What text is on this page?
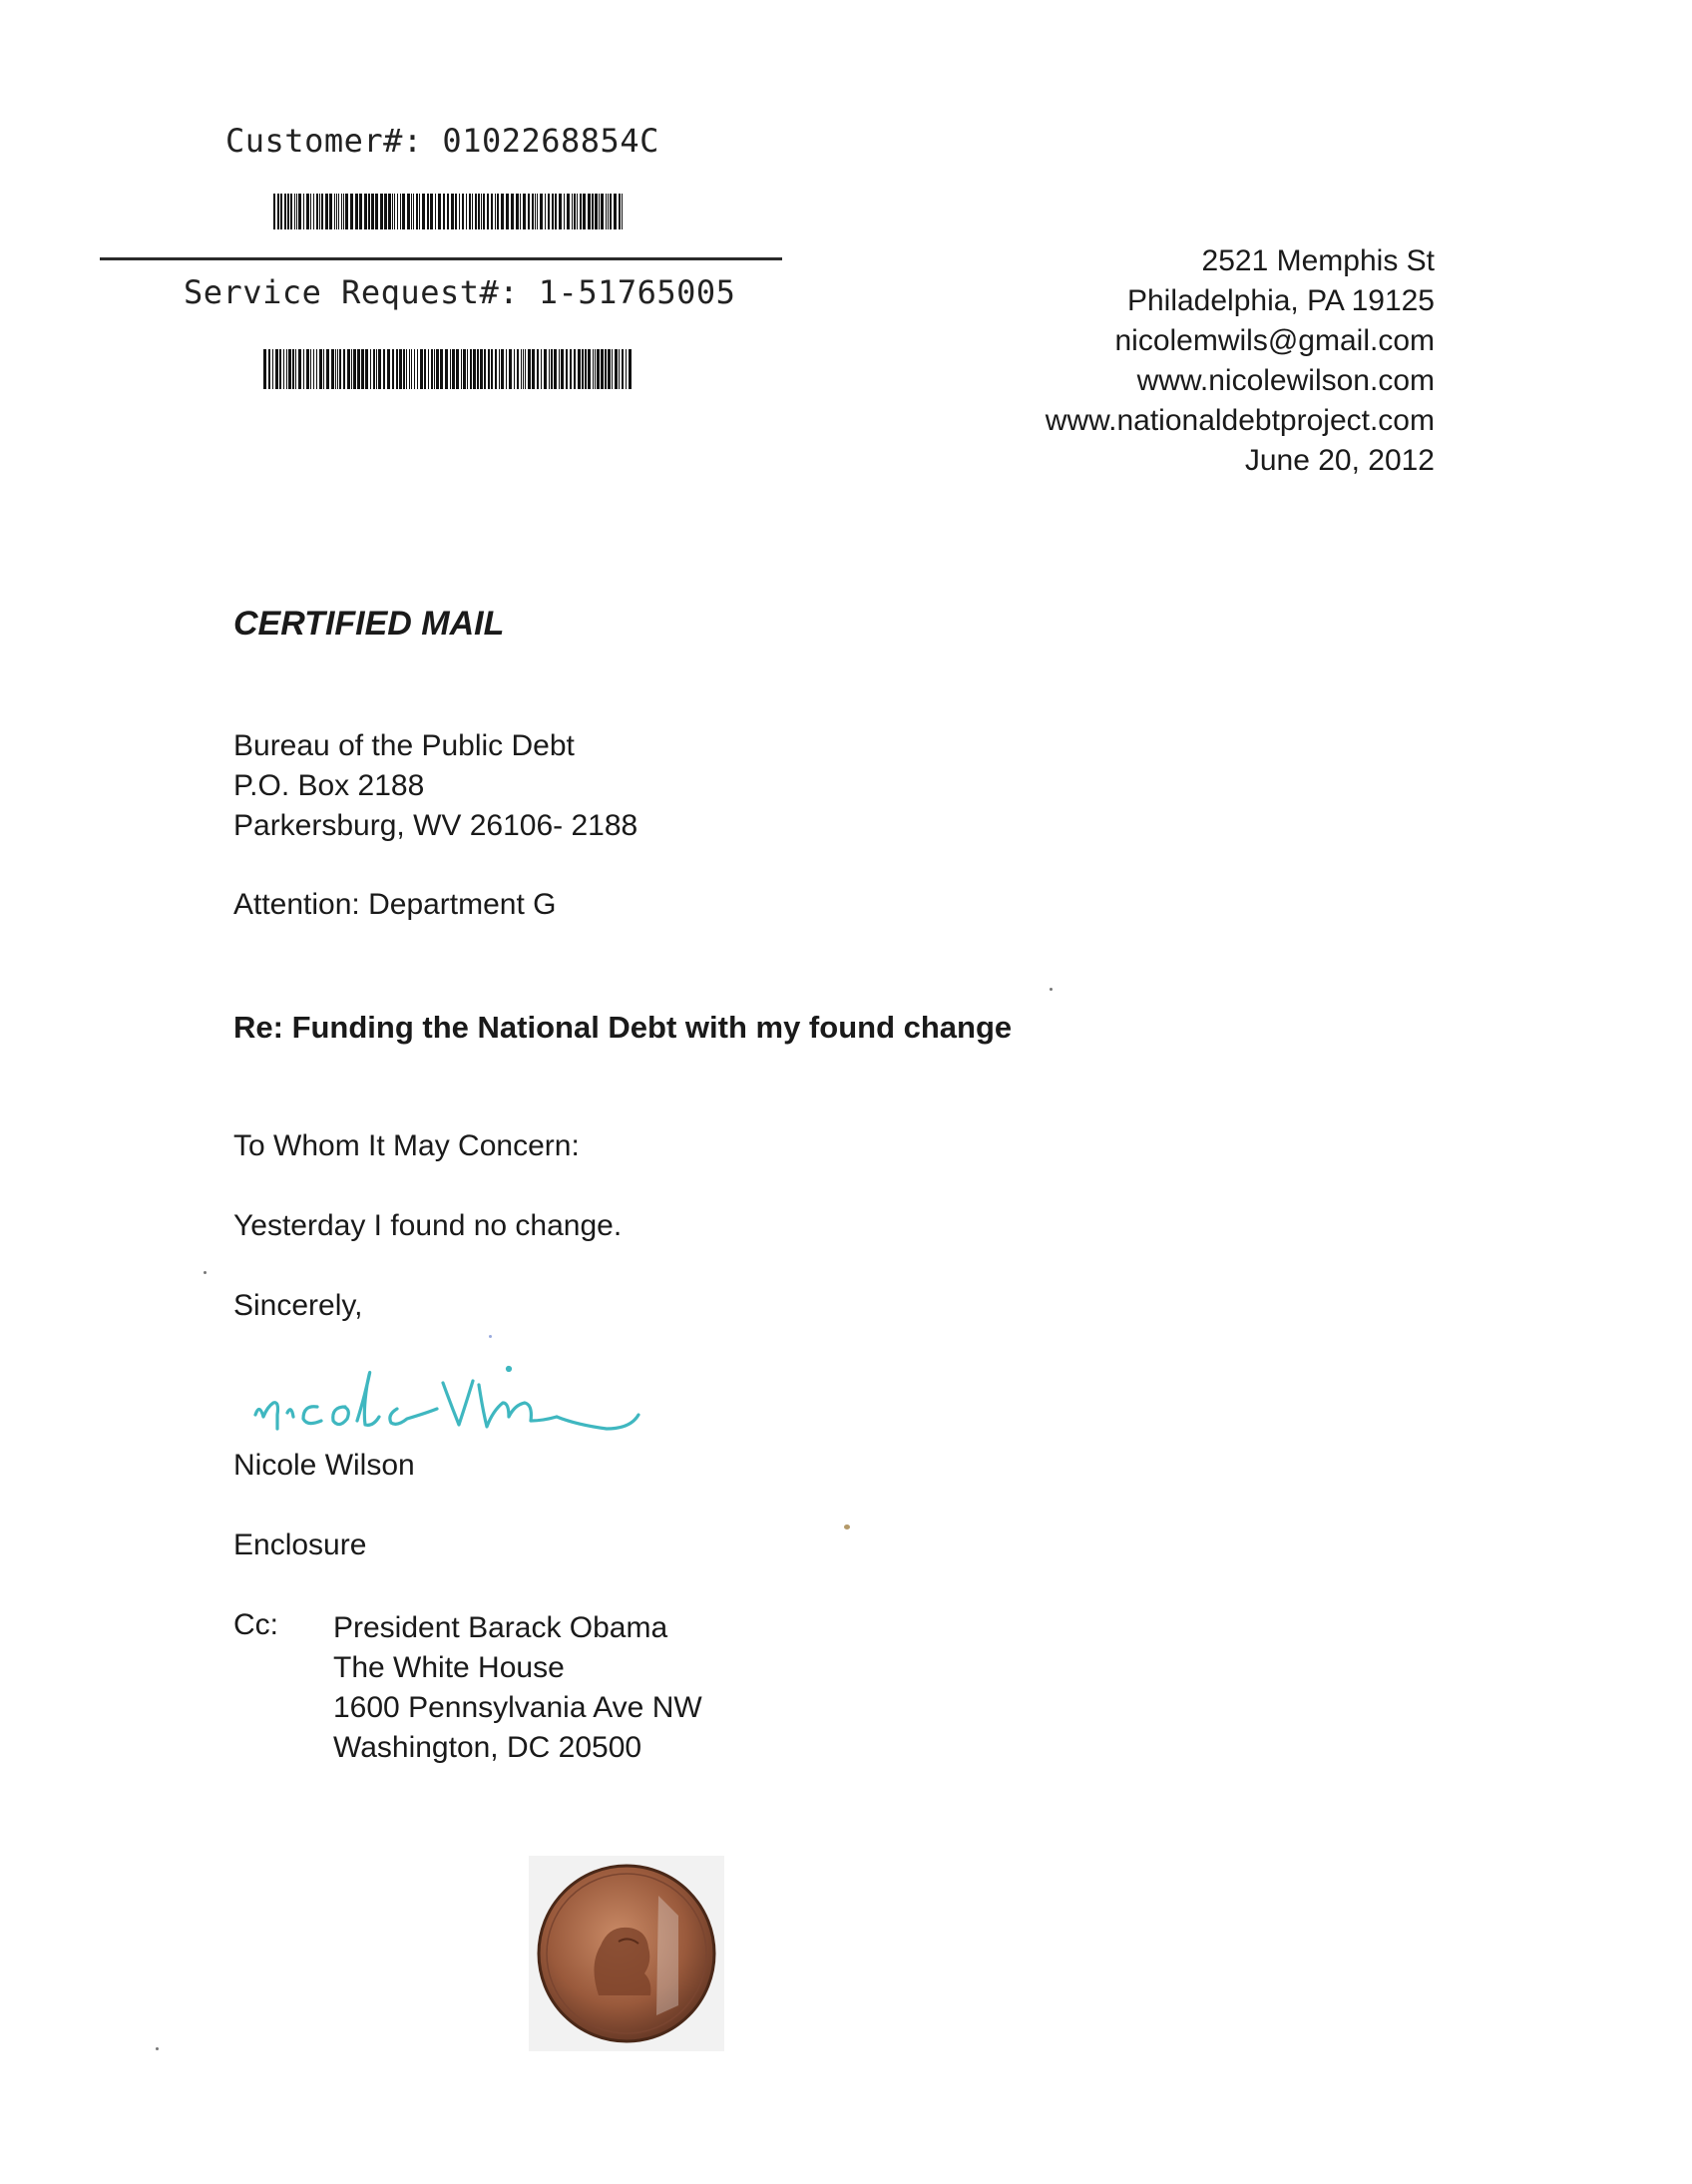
Customer#: 0102268854C
Service Request#: 1-51765005
2521 Memphis St
Philadelphia, PA 19125
nicolemwils@gmail.com
www.nicolewilson.com
www.nationaldebtproject.com
June 20, 2012
CERTIFIED MAIL
Bureau of the Public Debt
P.O. Box 2188
Parkersburg, WV 26106- 2188
Attention: Department G
Re: Funding the National Debt with my found change
To Whom It May Concern:
Yesterday I found no change.
Sincerely,
Nicole Wilson
Enclosure
Cc: President Barack Obama
The White House
1600 Pennsylvania Ave NW
Washington, DC 20500
